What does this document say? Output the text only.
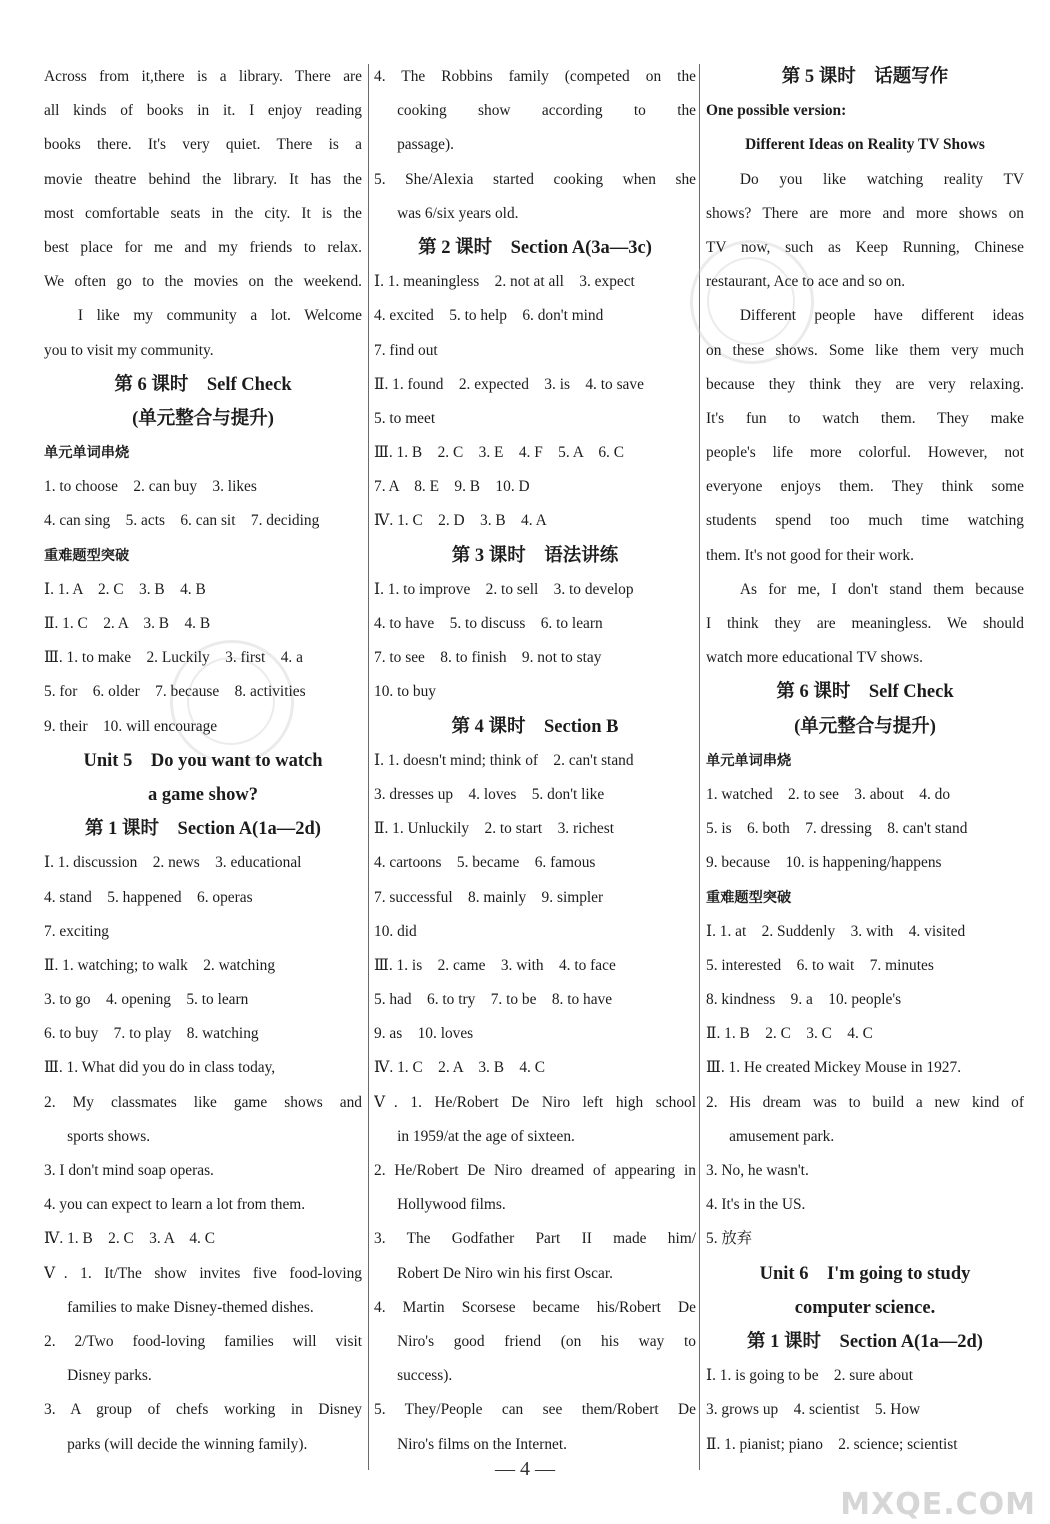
Across from it,there is a library. There are
all kinds of books in it. I enjoy reading
books there. It's very quiet. There is a
movie theatre behind the library. It has the
most comfortable seats in the city. It is the
best place for me and my friends to relax.
We often go to the movies on the weekend.
I like my community a lot. Welcome
you to visit my community.
第 6 课时　Self Check
(单元整合与提升)
单元单词串烧
1. to choose　2. can buy　3. likes
4. can sing　5. acts　6. can sit　7. deciding
重难题型突破
Ⅰ. 1. A　2. C　3. B　4. B
Ⅱ. 1. C　2. A　3. B　4. B
Ⅲ. 1. to make　2. Luckily　3. first　4. a
5. for　6. older　7. because　8. activities
9. their　10. will encourage
Unit 5　Do you want to watch
a game show?
第 1 课时　Section A(1a—2d)
Ⅰ. 1. discussion　2. news　3. educational
4. stand　5. happened　6. operas
7. exciting
Ⅱ. 1. watching; to walk　2. watching
3. to go　4. opening　5. to learn
6. to buy　7. to play　8. watching
Ⅲ. 1. What did you do in class today,
2. My classmates like game shows and
sports shows.
3. I don't mind soap operas.
4. you can expect to learn a lot from them.
Ⅳ. 1. B　2. C　3. A　4. C
Ⅴ. 1. It/The show invites five food-loving
families to make Disney-themed dishes.
2. 2/Two food-loving families will visit
Disney parks.
3. A group of chefs working in Disney
parks (will decide the winning family).
4. The Robbins family (competed on the
cooking show according to the
passage).
5. She/Alexia started cooking when she
was 6/six years old.
第 2 课时　Section A(3a—3c)
Ⅰ. 1. meaningless　2. not at all　3. expect
4. excited　5. to help　6. don't mind
7. find out
Ⅱ. 1. found　2. expected　3. is　4. to save
5. to meet
Ⅲ. 1. B　2. C　3. E　4. F　5. A　6. C
7. A　8. E　9. B　10. D
Ⅳ. 1. C　2. D　3. B　4. A
第 3 课时　语法讲练
Ⅰ. 1. to improve　2. to sell　3. to develop
4. to have　5. to discuss　6. to learn
7. to see　8. to finish　9. not to stay
10. to buy
第 4 课时　Section B
Ⅰ. 1. doesn't mind; think of　2. can't stand
3. dresses up　4. loves　5. don't like
Ⅱ. 1. Unluckily　2. to start　3. richest
4. cartoons　5. became　6. famous
7. successful　8. mainly　9. simpler
10. did
Ⅲ. 1. is　2. came　3. with　4. to face
5. had　6. to try　7. to be　8. to have
9. as　10. loves
Ⅳ. 1. C　2. A　3. B　4. C
Ⅴ. 1. He/Robert De Niro left high school
in 1959/at the age of sixteen.
2. He/Robert De Niro dreamed of appearing in
Hollywood films.
3. The Godfather Part II made him/
Robert De Niro win his first Oscar.
4. Martin Scorsese became his/Robert De
Niro's good friend (on his way to
success).
5. They/People can see them/Robert De
Niro's films on the Internet.
第 5 课时　话题写作
One possible version:
Different Ideas on Reality TV Shows
Do you like watching reality TV
shows? There are more and more shows on
TV now, such as Keep Running, Chinese
restaurant, Ace to ace and so on.
Different people have different ideas
on these shows. Some like them very much
because they think they are very relaxing.
It's fun to watch them. They make
people's life more colorful. However, not
everyone enjoys them. They think some
students spend too much time watching
them. It's not good for their work.
As for me, I don't stand them because
I think they are meaningless. We should
watch more educational TV shows.
第 6 课时　Self Check
(单元整合与提升)
单元单词串烧
1. watched　2. to see　3. about　4. do
5. is　6. both　7. dressing　8. can't stand
9. because　10. is happening/happens
重难题型突破
Ⅰ. 1. at　2. Suddenly　3. with　4. visited
5. interested　6. to wait　7. minutes
8. kindness　9. a　10. people's
Ⅱ. 1. B　2. C　3. C　4. C
Ⅲ. 1. He created Mickey Mouse in 1927.
2. His dream was to build a new kind of
amusement park.
3. No, he wasn't.
4. It's in the US.
5. 放弃
Unit 6　I'm going to study
computer science.
第 1 课时　Section A(1a—2d)
Ⅰ. 1. is going to be　2. sure about
3. grows up　4. scientist　5. How
Ⅱ. 1. pianist; piano　2. science; scientist
— 4 —
MXQE.COM
